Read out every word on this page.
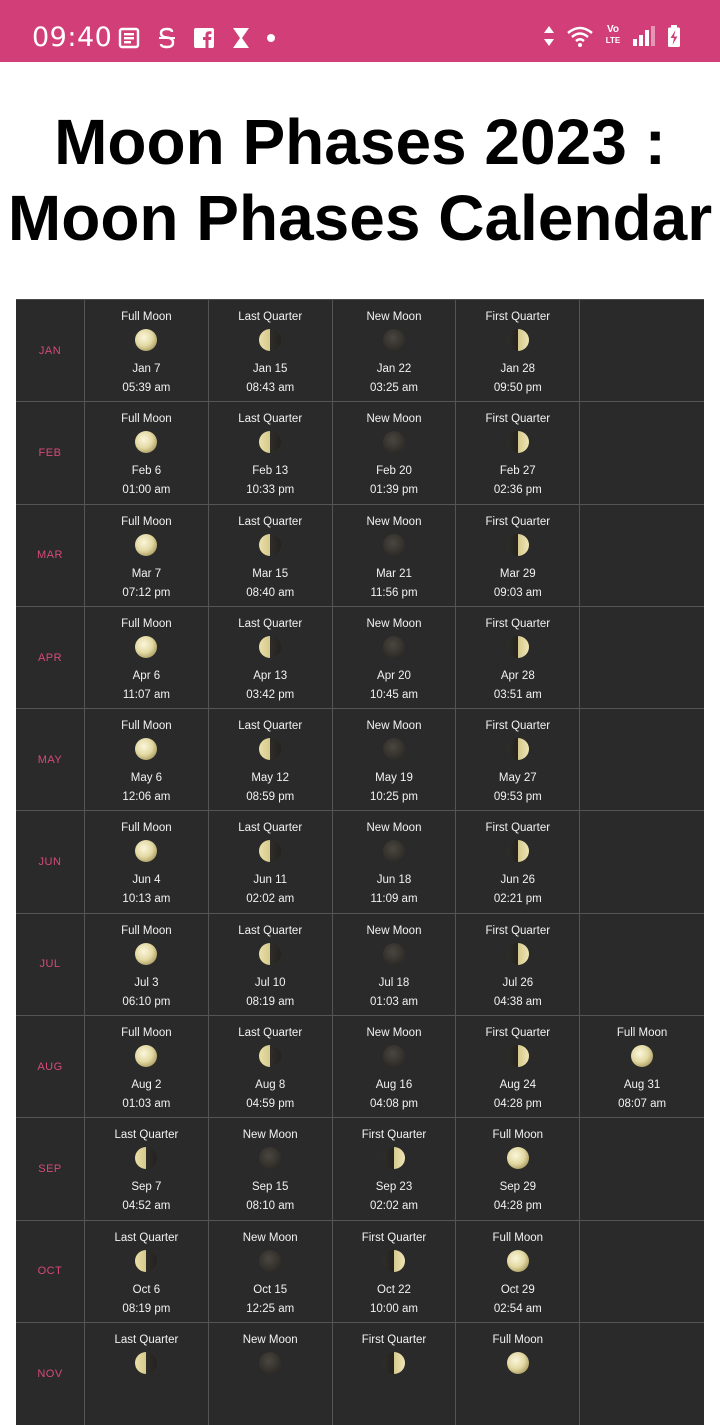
09:40	Vo
LTE
Moon Phases 2023 :
Moon Phases Calendar
JAN
Full Moon
Jan 7
05:39 am
Last Quarter
Jan 15
08:43 am
New Moon
Jan 22
03:25 am
First Quarter
Jan 28
09:50 pm
FEB
Full Moon
Feb 6
01:00 am
Last Quarter
Feb 13
10:33 pm
New Moon
Feb 20
01:39 pm
First Quarter
Feb 27
02:36 pm
MAR
Full Moon
Mar 7
07:12 pm
Last Quarter
Mar 15
08:40 am
New Moon
Mar 21
11:56 pm
First Quarter
Mar 29
09:03 am
APR
Full Moon
Apr 6
11:07 am
Last Quarter
Apr 13
03:42 pm
New Moon
Apr 20
10:45 am
First Quarter
Apr 28
03:51 am
MAY
Full Moon
May 6
12:06 am
Last Quarter
May 12
08:59 pm
New Moon
May 19
10:25 pm
First Quarter
May 27
09:53 pm
JUN
Full Moon
Jun 4
10:13 am
Last Quarter
Jun 11
02:02 am
New Moon
Jun 18
11:09 am
First Quarter
Jun 26
02:21 pm
JUL
Full Moon
Jul 3
06:10 pm
Last Quarter
Jul 10
08:19 am
New Moon
Jul 18
01:03 am
First Quarter
Jul 26
04:38 am
AUG
Full Moon
Aug 2
01:03 am
Last Quarter
Aug 8
04:59 pm
New Moon
Aug 16
04:08 pm
First Quarter
Aug 24
04:28 pm
Full Moon
Aug 31
08:07 am
SEP
Last Quarter
Sep 7
04:52 am
New Moon
Sep 15
08:10 am
First Quarter
Sep 23
02:02 am
Full Moon
Sep 29
04:28 pm
OCT
Last Quarter
Oct 6
08:19 pm
New Moon
Oct 15
12:25 am
First Quarter
Oct 22
10:00 am
Full Moon
Oct 29
02:54 am
NOV
Last Quarter	New Moon	First Quarter	Full Moon
